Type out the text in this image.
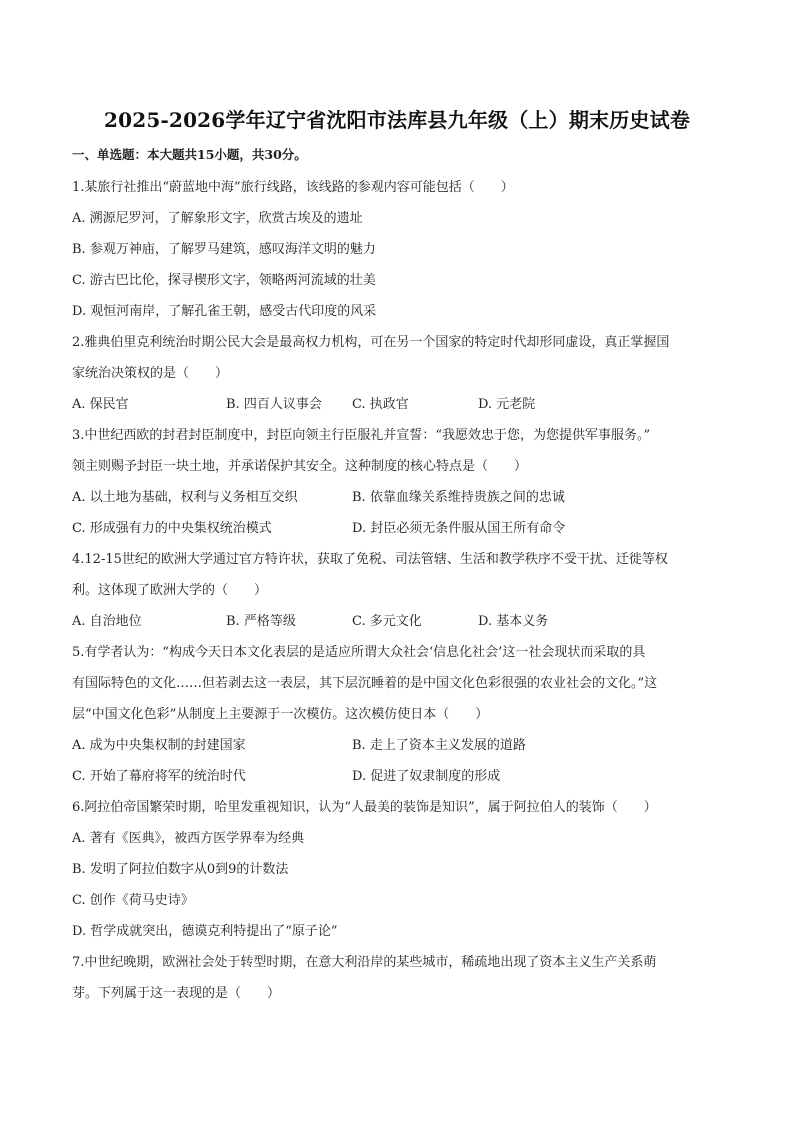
2025-2026学年辽宁省沈阳市法库县九年级（上）期末历史试卷
一、单选题：本大题共15小题，共30分。
1.某旅行社推出“蔚蓝地中海”旅行线路，该线路的参观内容可能包括（　　）
A. 溯源尼罗河，了解象形文字，欣赏古埃及的遗址
B. 参观万神庙，了解罗马建筑，感叹海洋文明的魅力
C. 游古巴比伦，探寻楔形文字，领略两河流域的壮美
D. 观恒河南岸，了解孔雀王朝，感受古代印度的风采
2.雅典伯里克利统治时期公民大会是最高权力机构，可在另一个国家的特定时代却形同虚设，真正掌握国
家统治决策权的是（　　）
A. 保民官	B. 四百人议事会 C. 执政官	D. 元老院
3.中世纪西欧的封君封臣制度中，封臣向领主行臣服礼并宣誓：“我愿效忠于您，为您提供军事服务。”
领主则赐予封臣一块土地，并承诺保护其安全。这种制度的核心特点是（　　）
A. 以土地为基础，权利与义务相互交织	B. 依靠血缘关系维持贵族之间的忠诚
C. 形成强有力的中央集权统治模式	D. 封臣必须无条件服从国王所有命令
4.12-15世纪的欧洲大学通过官方特许状，获取了免税、司法管辖、生活和教学秩序不受干扰、迁徙等权
利。这体现了欧洲大学的（　　）
A. 自治地位	B. 严格等级	C. 多元文化	D. 基本义务
5.有学者认为：“构成今天日本文化表层的是适应所谓大众社会‘信息化社会’这一社会现状而采取的具
有国际特色的文化……但若剥去这一表层，其下层沉睡着的是中国文化色彩很强的农业社会的文化。”这
层“中国文化色彩”从制度上主要源于一次模仿。这次模仿使日本（　　）
A. 成为中央集权制的封建国家	B. 走上了资本主义发展的道路
C. 开始了幕府将军的统治时代	D. 促进了奴隶制度的形成
6.阿拉伯帝国繁荣时期，哈里发重视知识，认为“人最美的装饰是知识”，属于阿拉伯人的装饰（　　）
A. 著有《医典》，被西方医学界奉为经典
B. 发明了阿拉伯数字从0到9的计数法
C. 创作《荷马史诗》
D. 哲学成就突出，德谟克利特提出了“原子论”
7.中世纪晚期，欧洲社会处于转型时期，在意大利沿岸的某些城市，稀疏地出现了资本主义生产关系萌
芽。下列属于这一表现的是（　　）
